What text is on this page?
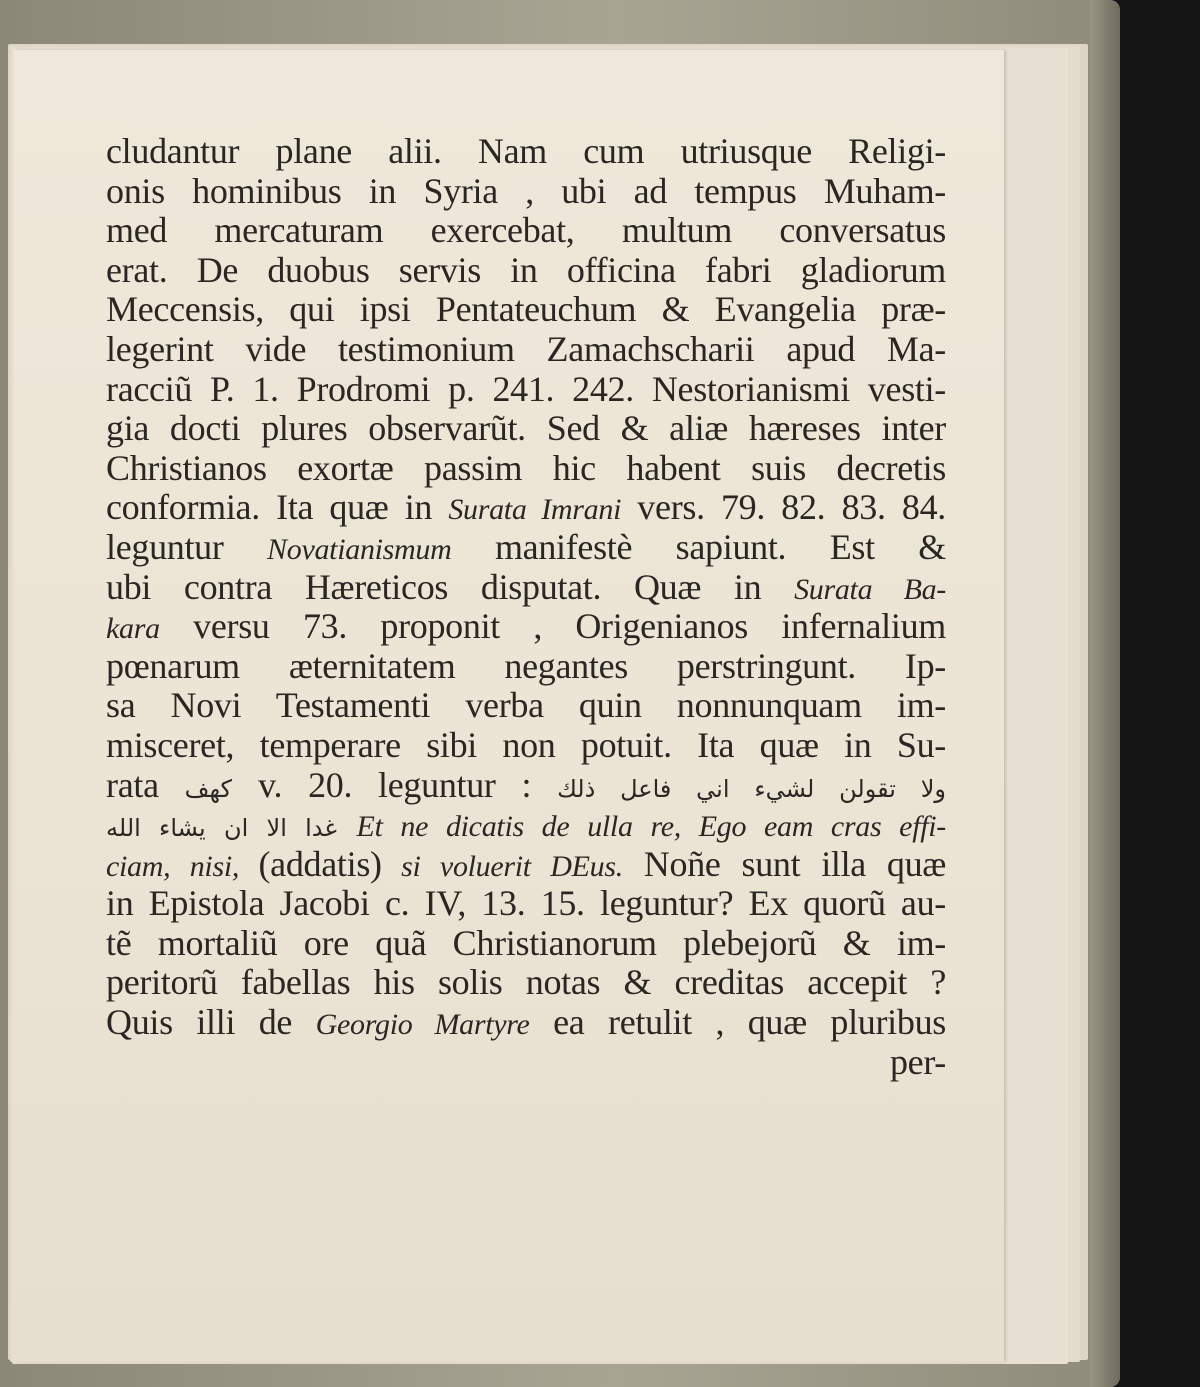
cludantur plane alii. Nam cum utriusque Religi-
onis hominibus in Syria , ubi ad tempus Muham-
med mercaturam exercebat, multum conversatus
erat. De duobus servis in officina fabri gladiorum
Meccensis, qui ipsi Pentateuchum & Evangelia præ-
legerint vide testimonium Zamachscharii apud Ma-
racciũ P. 1. Prodromi p. 241. 242. Nestorianismi vesti-
gia docti plures observarũt. Sed & aliæ hæreses inter
Christianos exortæ passim hic habent suis decretis
conformia. Ita quæ in Surata Imrani vers. 79. 82. 83. 84.
leguntur Novatianismum manifestè sapiunt. Est &
ubi contra Hæreticos disputat. Quæ in Surata Ba-
kara versu 73. proponit , Origenianos infernalium
pœnarum æternitatem negantes perstringunt. Ip-
sa Novi Testamenti verba quin nonnunquam im-
misceret, temperare sibi non potuit. Ita quæ in Su-
rata كهف v. 20. leguntur : ولا تقولن لشيء اني فاعل ذلك
غدا الا ان يشاء الله Et ne dicatis de ulla re, Ego eam cras effi-
ciam, nisi, (addatis) si voluerit DEus. Noñe sunt illa quæ
in Epistola Jacobi c. IV, 13. 15. leguntur? Ex quorũ au-
tẽ mortaliũ ore quã Christianorum plebejorũ & im-
peritorũ fabellas his solis notas & creditas accepit ?
Quis illi de Georgio Martyre ea retulit , quæ pluribus
per-
